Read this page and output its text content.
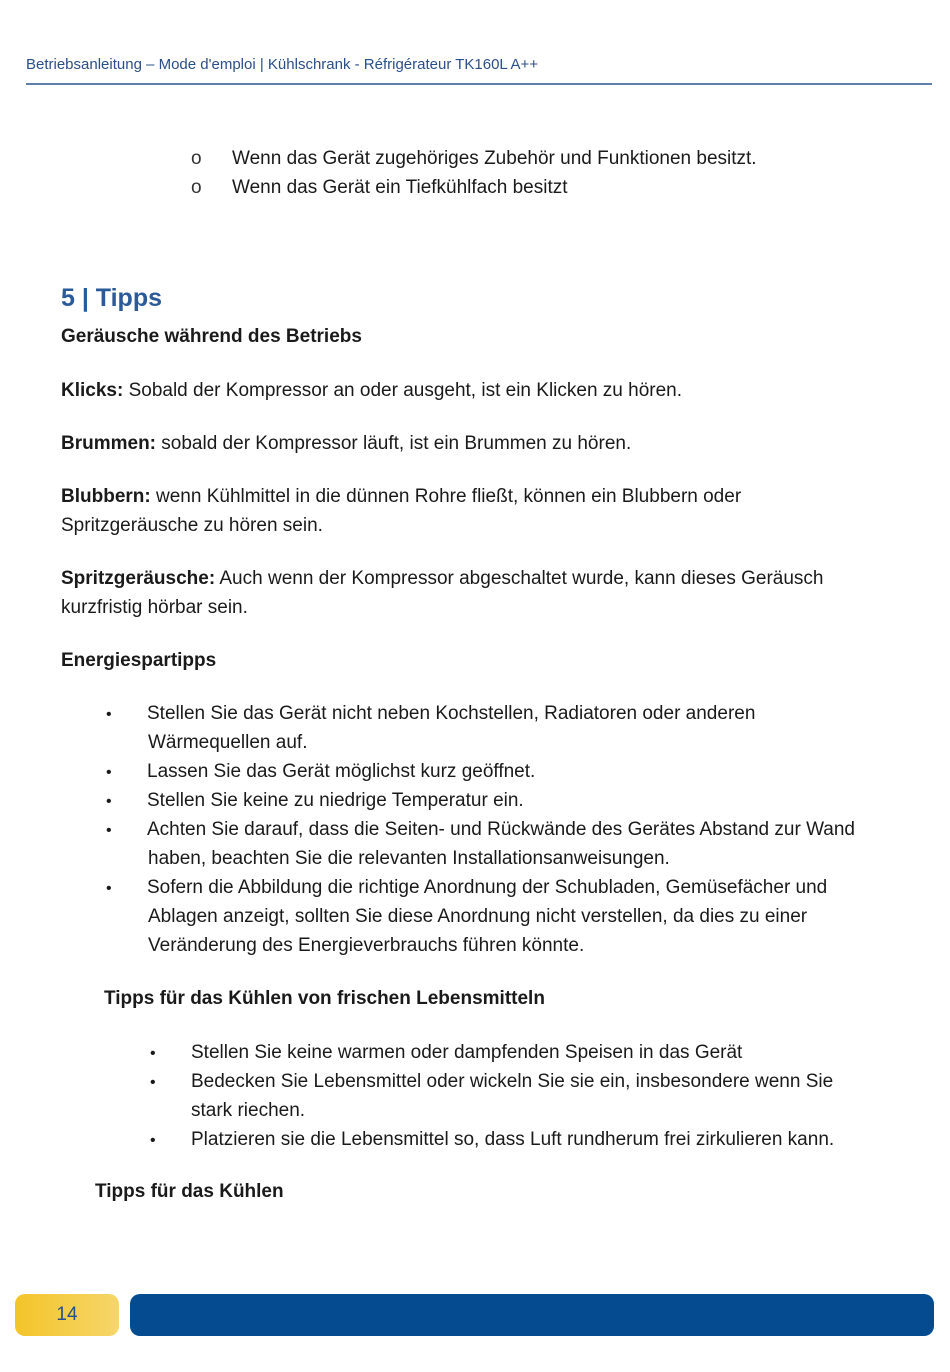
Betriebsanleitung – Mode d'emploi | Kühlschrank - Réfrigérateur TK160L A++
o Wenn das Gerät zugehöriges Zubehör und Funktionen besitzt.
o Wenn das Gerät ein Tiefkühlfach besitzt
5 | Tipps
Geräusche während des Betriebs
Klicks: Sobald der Kompressor an oder ausgeht, ist ein Klicken zu hören.
Brummen: sobald der Kompressor läuft, ist ein Brummen zu hören.
Blubbern: wenn Kühlmittel in die dünnen Rohre fließt, können ein Blubbern oder
Spritzgeräusche zu hören sein.
Spritzgeräusche: Auch wenn der Kompressor abgeschaltet wurde, kann dieses Geräusch
kurzfristig hörbar sein.
Energiespartipps
• Stellen Sie das Gerät nicht neben Kochstellen, Radiatoren oder anderen
Wärmequellen auf.
• Lassen Sie das Gerät möglichst kurz geöffnet.
• Stellen Sie keine zu niedrige Temperatur ein.
• Achten Sie darauf, dass die Seiten- und Rückwände des Gerätes Abstand zur Wand
haben, beachten Sie die relevanten Installationsanweisungen.
• Sofern die Abbildung die richtige Anordnung der Schubladen, Gemüsefächer und
Ablagen anzeigt, sollten Sie diese Anordnung nicht verstellen, da dies zu einer
Veränderung des Energieverbrauchs führen könnte.
Tipps für das Kühlen von frischen Lebensmitteln
• Stellen Sie keine warmen oder dampfenden Speisen in das Gerät
• Bedecken Sie Lebensmittel oder wickeln Sie sie ein, insbesondere wenn Sie
stark riechen.
• Platzieren sie die Lebensmittel so, dass Luft rundherum frei zirkulieren kann.
Tipps für das Kühlen
14
